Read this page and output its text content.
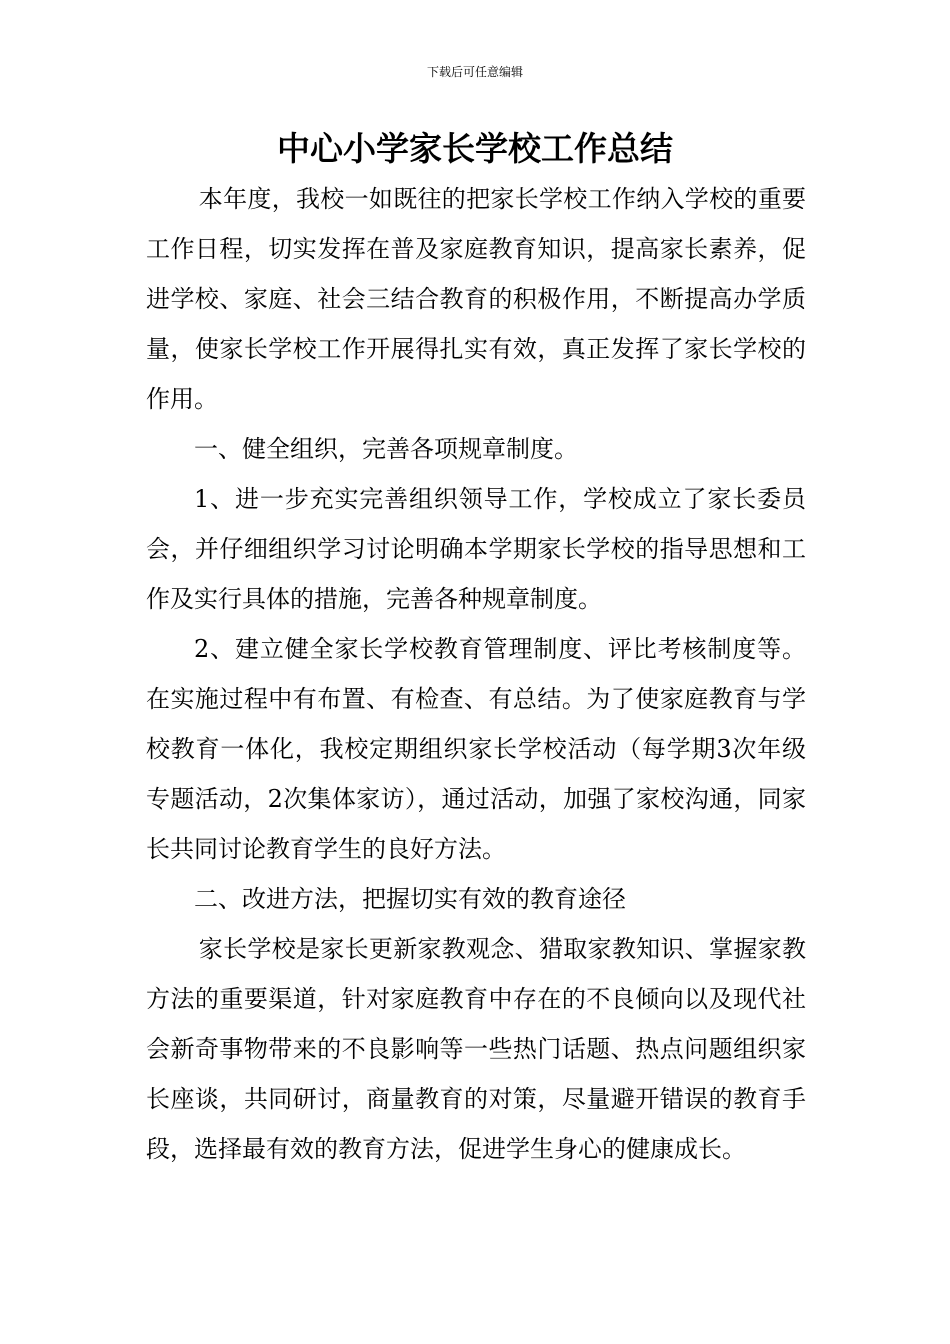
下载后可任意编辑
中心小学家长学校工作总结

本年度，我校一如既往的把家长学校工作纳入学校的重要工作日程，切实发挥在普及家庭教育知识，提高家长素养，促进学校、家庭、社会三结合教育的积极作用，不断提高办学质量，使家长学校工作开展得扎实有效，真正发挥了家长学校的作用。

一、健全组织，完善各项规章制度。

1、进一步充实完善组织领导工作，学校成立了家长委员会，并仔细组织学习讨论明确本学期家长学校的指导思想和工作及实行具体的措施，完善各种规章制度。

2、建立健全家长学校教育管理制度、评比考核制度等。在实施过程中有布置、有检查、有总结。为了使家庭教育与学校教育一体化，我校定期组织家长学校活动（每学期3次年级专题活动，2次集体家访），通过活动，加强了家校沟通，同家长共同讨论教育学生的良好方法。

二、改进方法，把握切实有效的教育途径

家长学校是家长更新家教观念、猎取家教知识、掌握家教方法的重要渠道，针对家庭教育中存在的不良倾向以及现代社会新奇事物带来的不良影响等一些热门话题、热点问题组织家长座谈，共同研讨，商量教育的对策，尽量避开错误的教育手段，选择最有效的教育方法，促进学生身心的健康成长。
